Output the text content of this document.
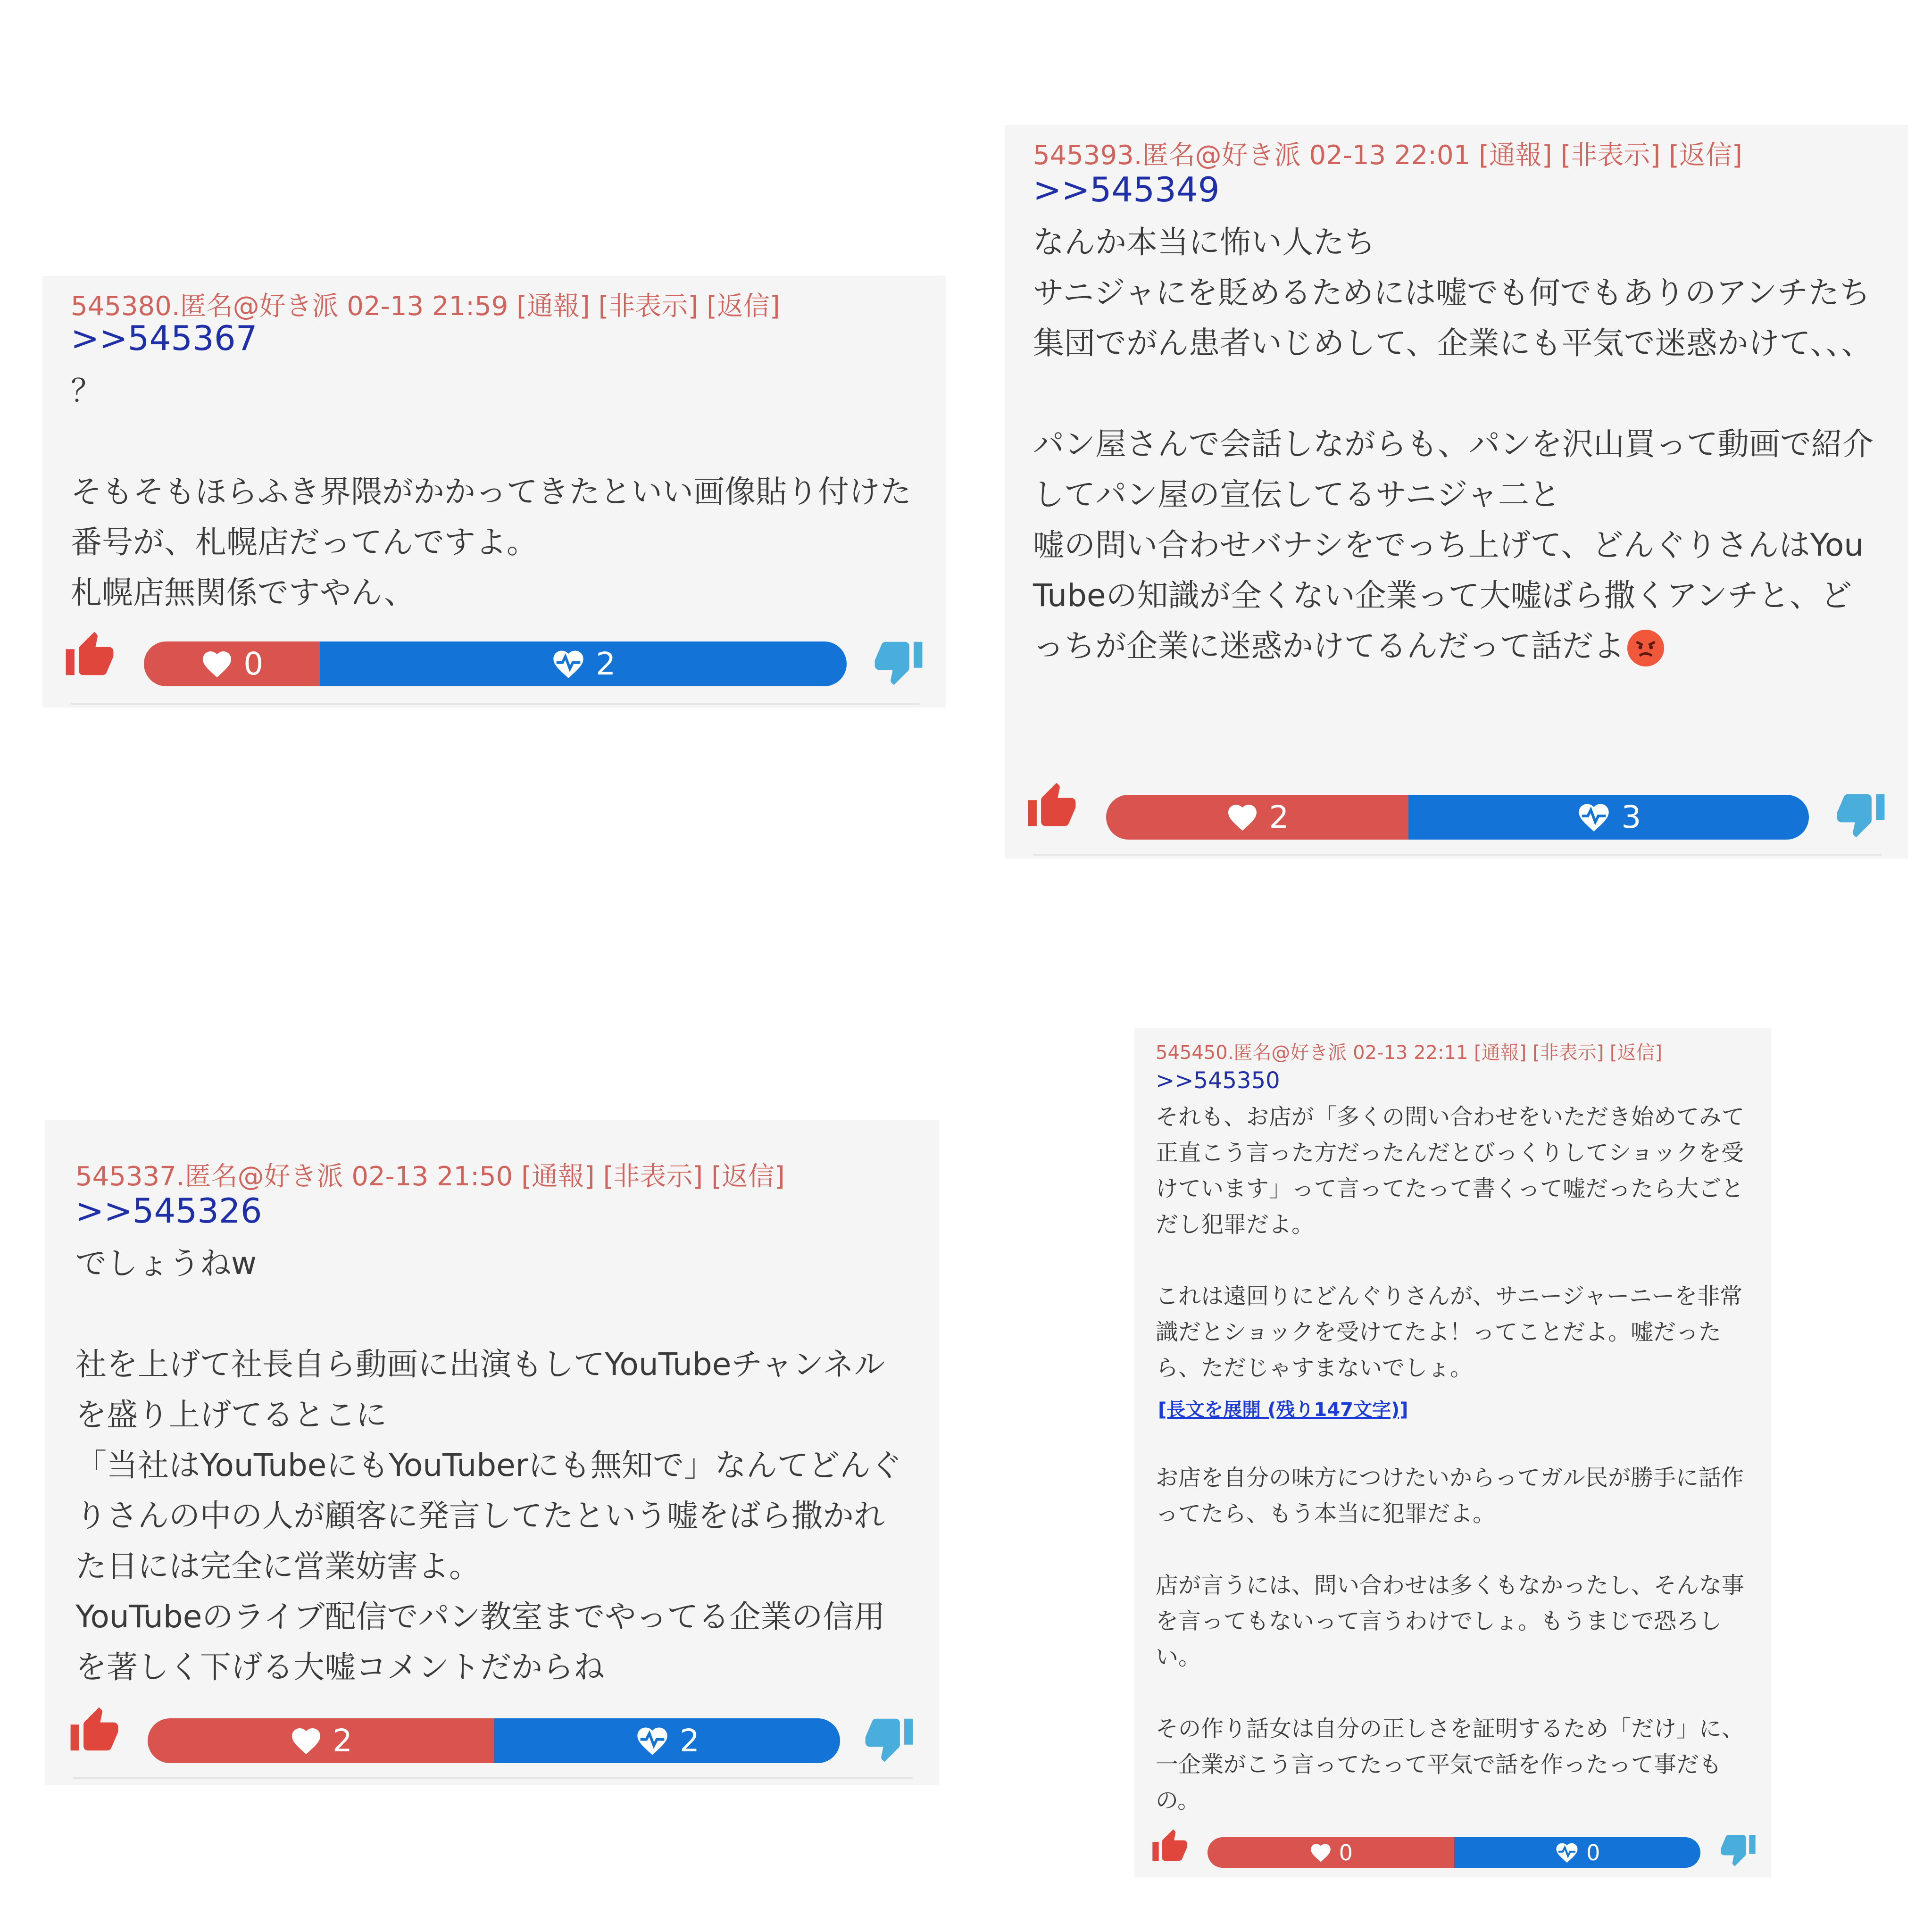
545380.匿名@好き派 02-13 21:59 [通報] [非表示] [返信]
>>545367
？

そもそもほらふき界隈がかかってきたといい画像貼り付けた番号が、札幌店だってんですよ。
札幌店無関係ですやん、
0	2
545393.匿名@好き派 02-13 22:01 [通報] [非表示] [返信]
>>545349
なんか本当に怖い人たち
サニジャにを貶めるためには嘘でも何でもありのアンチたち
集団でがん患者いじめして、企業にも平気で迷惑かけて、、、

パン屋さんで会話しながらも、パンを沢山買って動画で紹介してパン屋の宣伝してるサニジャ二と
嘘の問い合わせバナシをでっち上げて、どんぐりさんはYouTubeの知識が全くない企業って大嘘ばら撒くアンチと、どっちが企業に迷惑かけてるんだって話だよ
2	3
545337.匿名@好き派 02-13 21:50 [通報] [非表示] [返信]
>>545326
でしょうねw

社を上げて社長自ら動画に出演もしてYouTubeチャンネルを盛り上げてるとこに
「当社はYouTubeにもYouTuberにも無知で」なんてどんぐりさんの中の人が顧客に発言してたという嘘をばら撒かれた日には完全に営業妨害よ。
YouTubeのライブ配信でパン教室までやってる企業の信用を著しく下げる大嘘コメントだからね
2	2
545450.匿名@好き派 02-13 22:11 [通報] [非表示] [返信]
>>545350
それも、お店が「多くの問い合わせをいただき始めてみて正直こう言った方だったんだとびっくりしてショックを受けています」って言ってたって書くって嘘だったら大ごとだし犯罪だよ。

これは遠回りにどんぐりさんが、サニージャーニーを非常識だとショックを受けてたよ！ってことだよ。嘘だったら、ただじゃすまないでしょ。
[長文を展開 (残り147文字)]
お店を自分の味方につけたいからってガル民が勝手に話作ってたら、もう本当に犯罪だよ。

店が言うには、問い合わせは多くもなかったし、そんな事を言ってもないって言うわけでしょ。もうまじで恐ろしい。

その作り話女は自分の正しさを証明するため「だけ」に、一企業がこう言ってたって平気で話を作ったって事だもの。
0	0
